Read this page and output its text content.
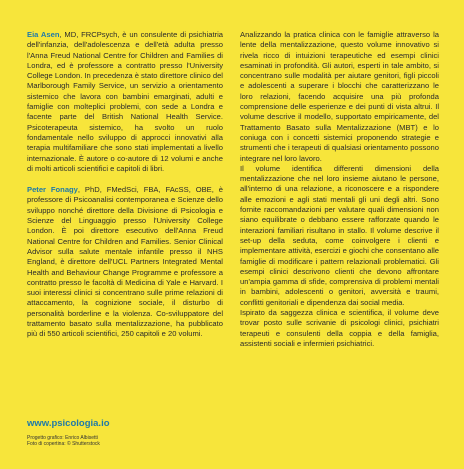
Eia Asen, MD, FRCPsych, è un consulente di psichiatria dell'infanzia, dell'adolescenza e dell'età adulta presso l'Anna Freud National Centre for Children and Families di Londra, ed è professore a contratto presso l'University College London. In precedenza è stato direttore clinico del Marlborough Family Service, un servizio a orientamento sistemico che lavora con bambini emarginati, adulti e famiglie con molteplici problemi, con sede a Londra e facente parte del British National Health Service. Psicoterapeuta sistemico, ha svolto un ruolo fondamentale nello sviluppo di approcci innovativi alla terapia multifamiliare che sono stati implementati a livello internazionale. È autore o co-autore di 12 volumi e anche di molti articoli scientifici e capitoli di libri.

Peter Fonagy, PhD, FMedSci, FBA, FAcSS, OBE, è professore di Psicoanalisi contemporanea e Scienze dello sviluppo nonché direttore della Divisione di Psicologia e Scienze del Linguaggio presso l'University College London. È poi direttore esecutivo dell'Anna Freud National Centre for Children and Families. Senior Clinical Advisor sulla salute mentale infantile presso il NHS England, è direttore dell'UCL Partners Integrated Mental Health and Behaviour Change Programme e professore a contratto presso le facoltà di Medicina di Yale e Harvard. I suoi interessi clinici si concentrano sulle prime relazioni di attaccamento, la cognizione sociale, il disturbo di personalità borderline e la violenza. Co-sviluppatore del trattamento basato sulla mentalizzazione, ha pubblicato più di 550 articoli scientifici, 250 capitoli e 20 volumi.

Analizzando la pratica clinica con le famiglie attraverso la lente della mentalizzazione, questo volume innovativo si rivela ricco di intuizioni terapeutiche ed esempi clinici esaminati in profondità. Gli autori, esperti in tale ambito, si concentrano sulle modalità per aiutare genitori, figli piccoli e adolescenti a superare i blocchi che caratterizzano le loro relazioni, facendo acquisire una più profonda comprensione delle esperienze e dei punti di vista altrui. Il volume descrive il modello, supportato empiricamente, del Trattamento Basato sulla Mentalizzazione (MBT) e lo coniuga con i concetti sistemici proponendo strategie e strumenti che i terapeuti di qualsiasi orientamento possono integrare nel loro lavoro.

Il volume identifica differenti dimensioni della mentalizzazione che nel loro insieme aiutano le persone, all'interno di una relazione, a riconoscere e a rispondere alle emozioni e agli stati mentali gli uni degli altri. Sono fornite raccomandazioni per valutare quali dimensioni non siano equilibrate o debbano essere rafforzate quando le interazioni familiari risultano in stallo. Il volume descrive il set-up della seduta, come coinvolgere i clienti e implementare attività, esercizi e giochi che consentano alle famiglie di modificare i pattern relazionali problematici. Gli esempi clinici descrivono clienti che devono affrontare un'ampia gamma di sfide, comprensiva di problemi mentali in bambini, adolescenti o genitori, avversità e traumi, conflitti genitoriali e dipendenza dai social media.

Ispirato da saggezza clinica e scientifica, il volume deve trovar posto sulle scrivanie di psicologi clinici, psichiatri terapeuti e consulenti della coppia e della famiglia, assistenti sociali e infermieri psichiatrici.

www.psicologia.io
Progetto grafico: Enrico Albisetti
Foto di copertina: © Shutterstock
